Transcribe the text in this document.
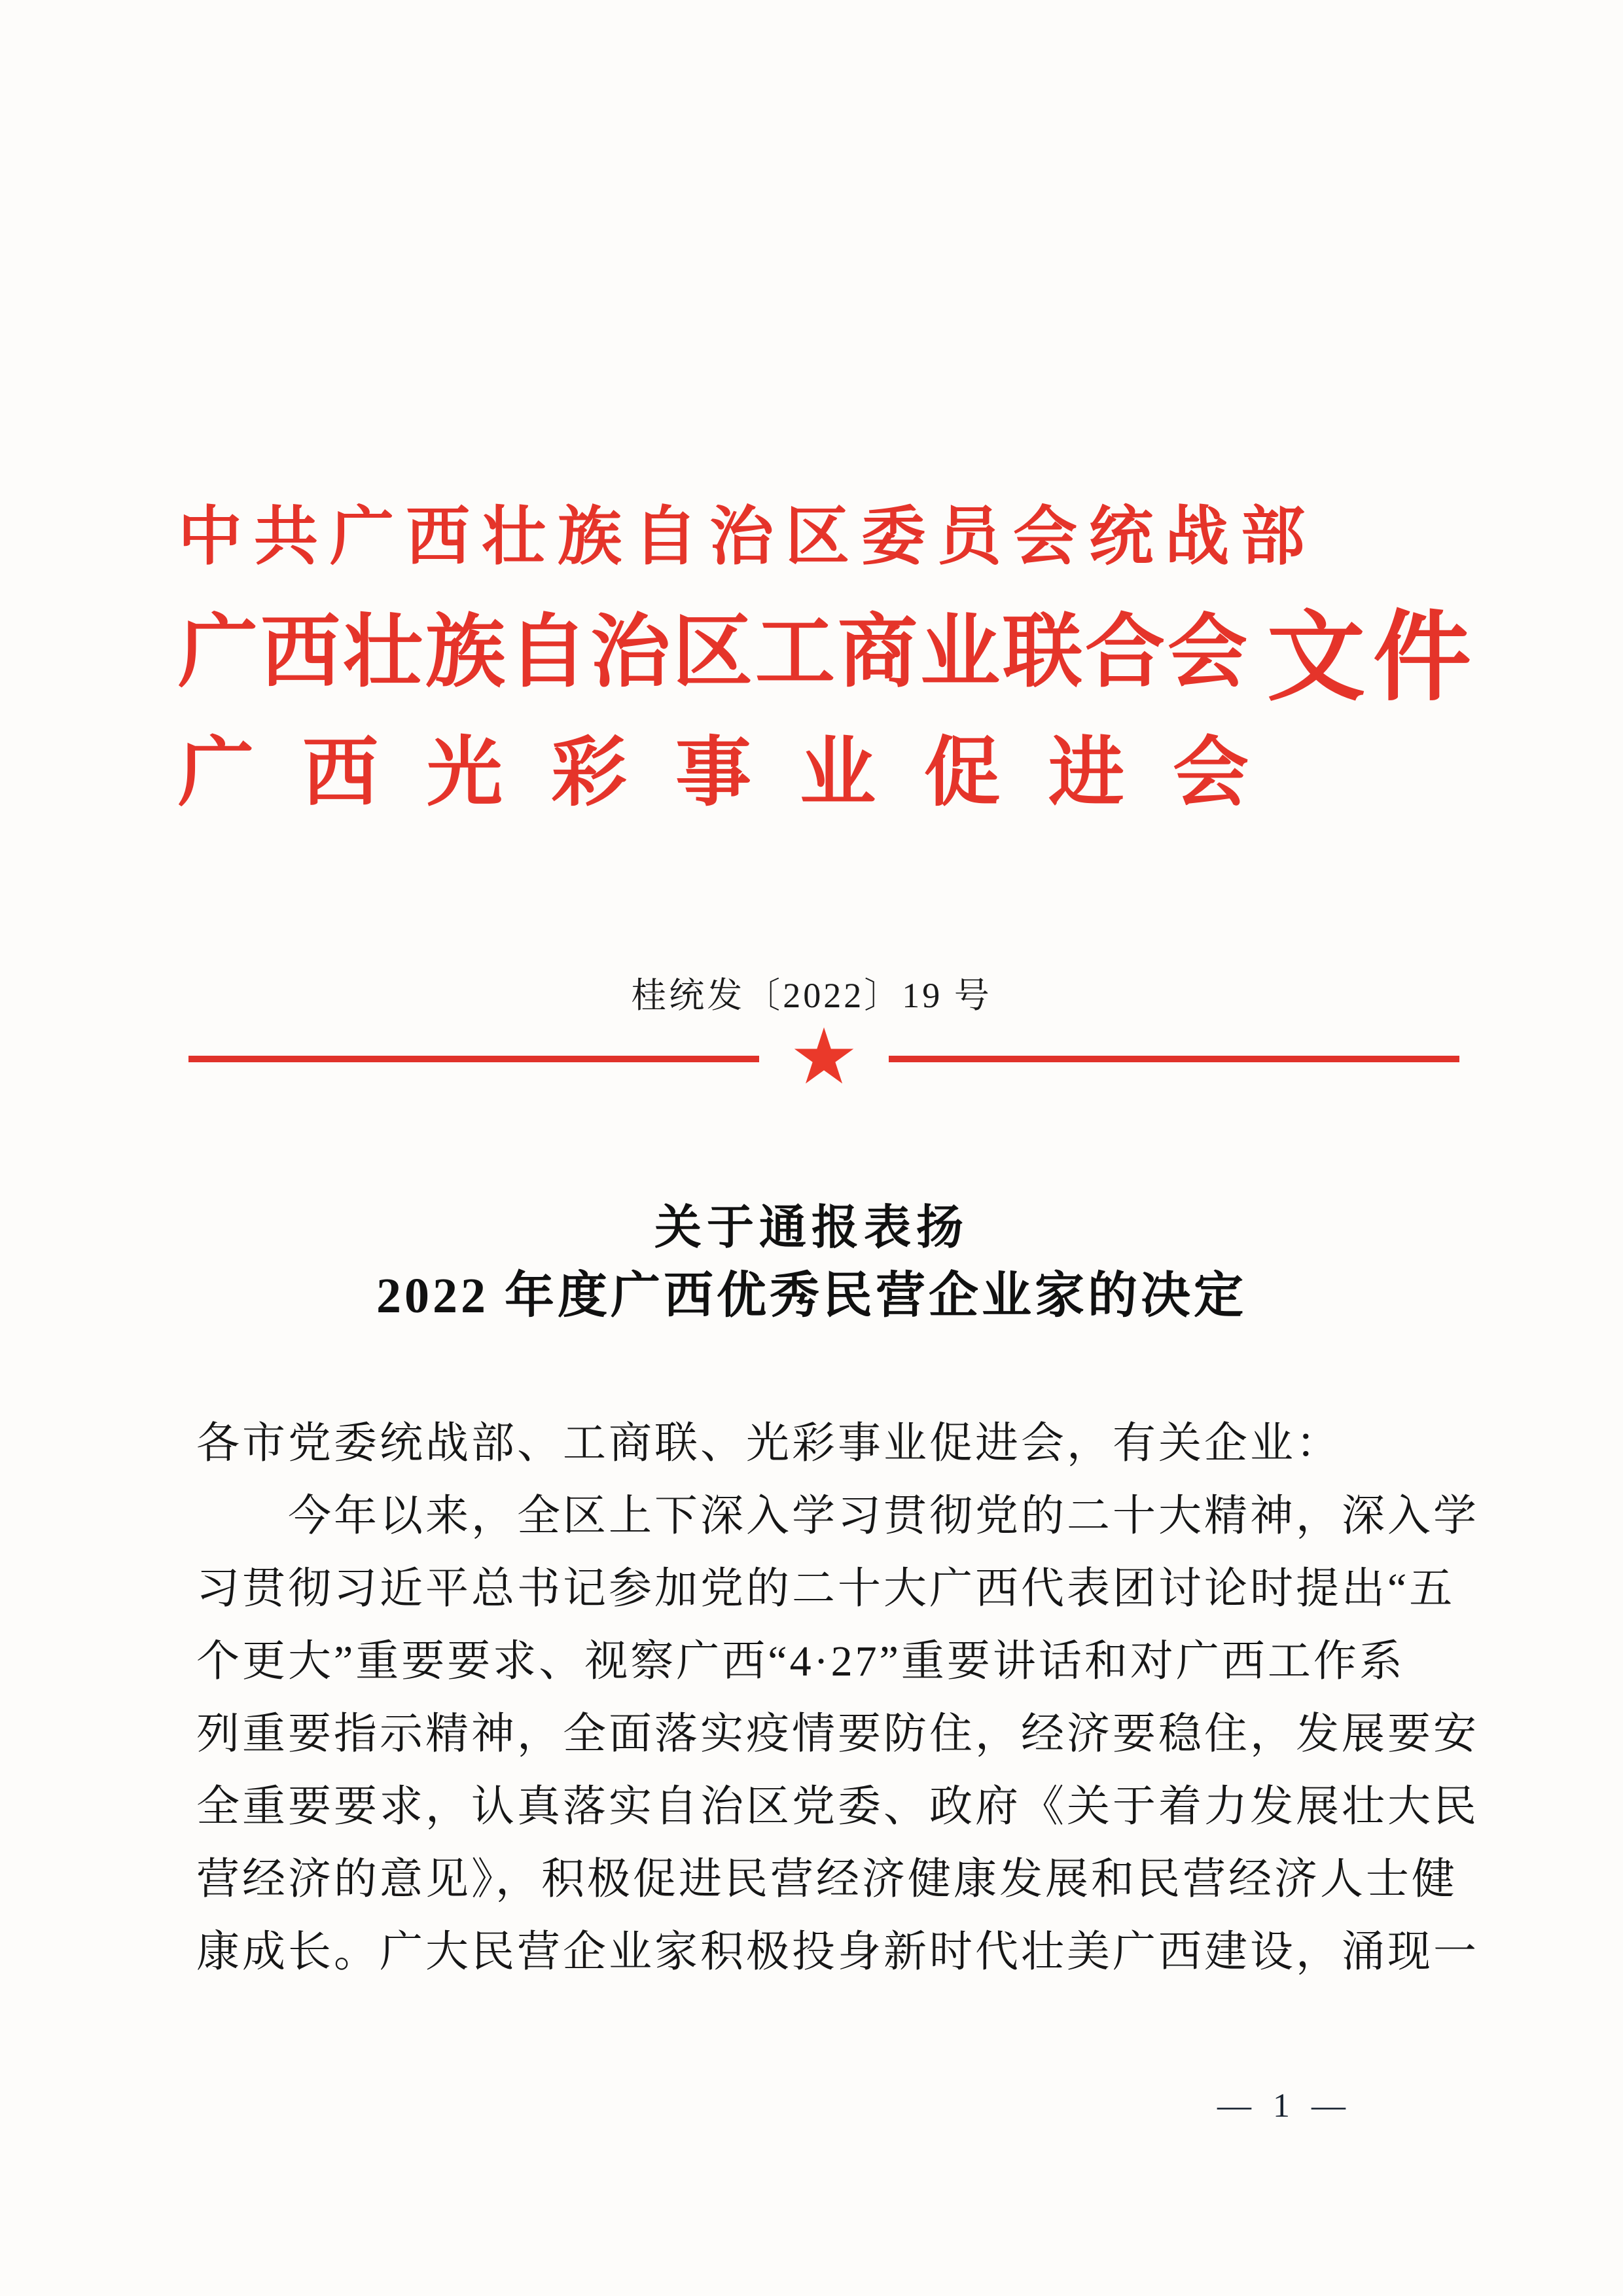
中共广西壮族自治区委员会统战部
广西壮族自治区工商业联合会
广西光彩事业促进会
文件
桂统发〔2022〕19 号
★
关于通报表扬
2022 年度广西优秀民营企业家的决定
各市党委统战部、工商联、光彩事业促进会，有关企业：
　　今年以来，全区上下深入学习贯彻党的二十大精神，深入学
习贯彻习近平总书记参加党的二十大广西代表团讨论时提出“五
个更大”重要要求、视察广西“4·27”重要讲话和对广西工作系
列重要指示精神，全面落实疫情要防住，经济要稳住，发展要安
全重要要求，认真落实自治区党委、政府《关于着力发展壮大民
营经济的意见》，积极促进民营经济健康发展和民营经济人士健
康成长。广大民营企业家积极投身新时代壮美广西建设，涌现一
— 1 —
